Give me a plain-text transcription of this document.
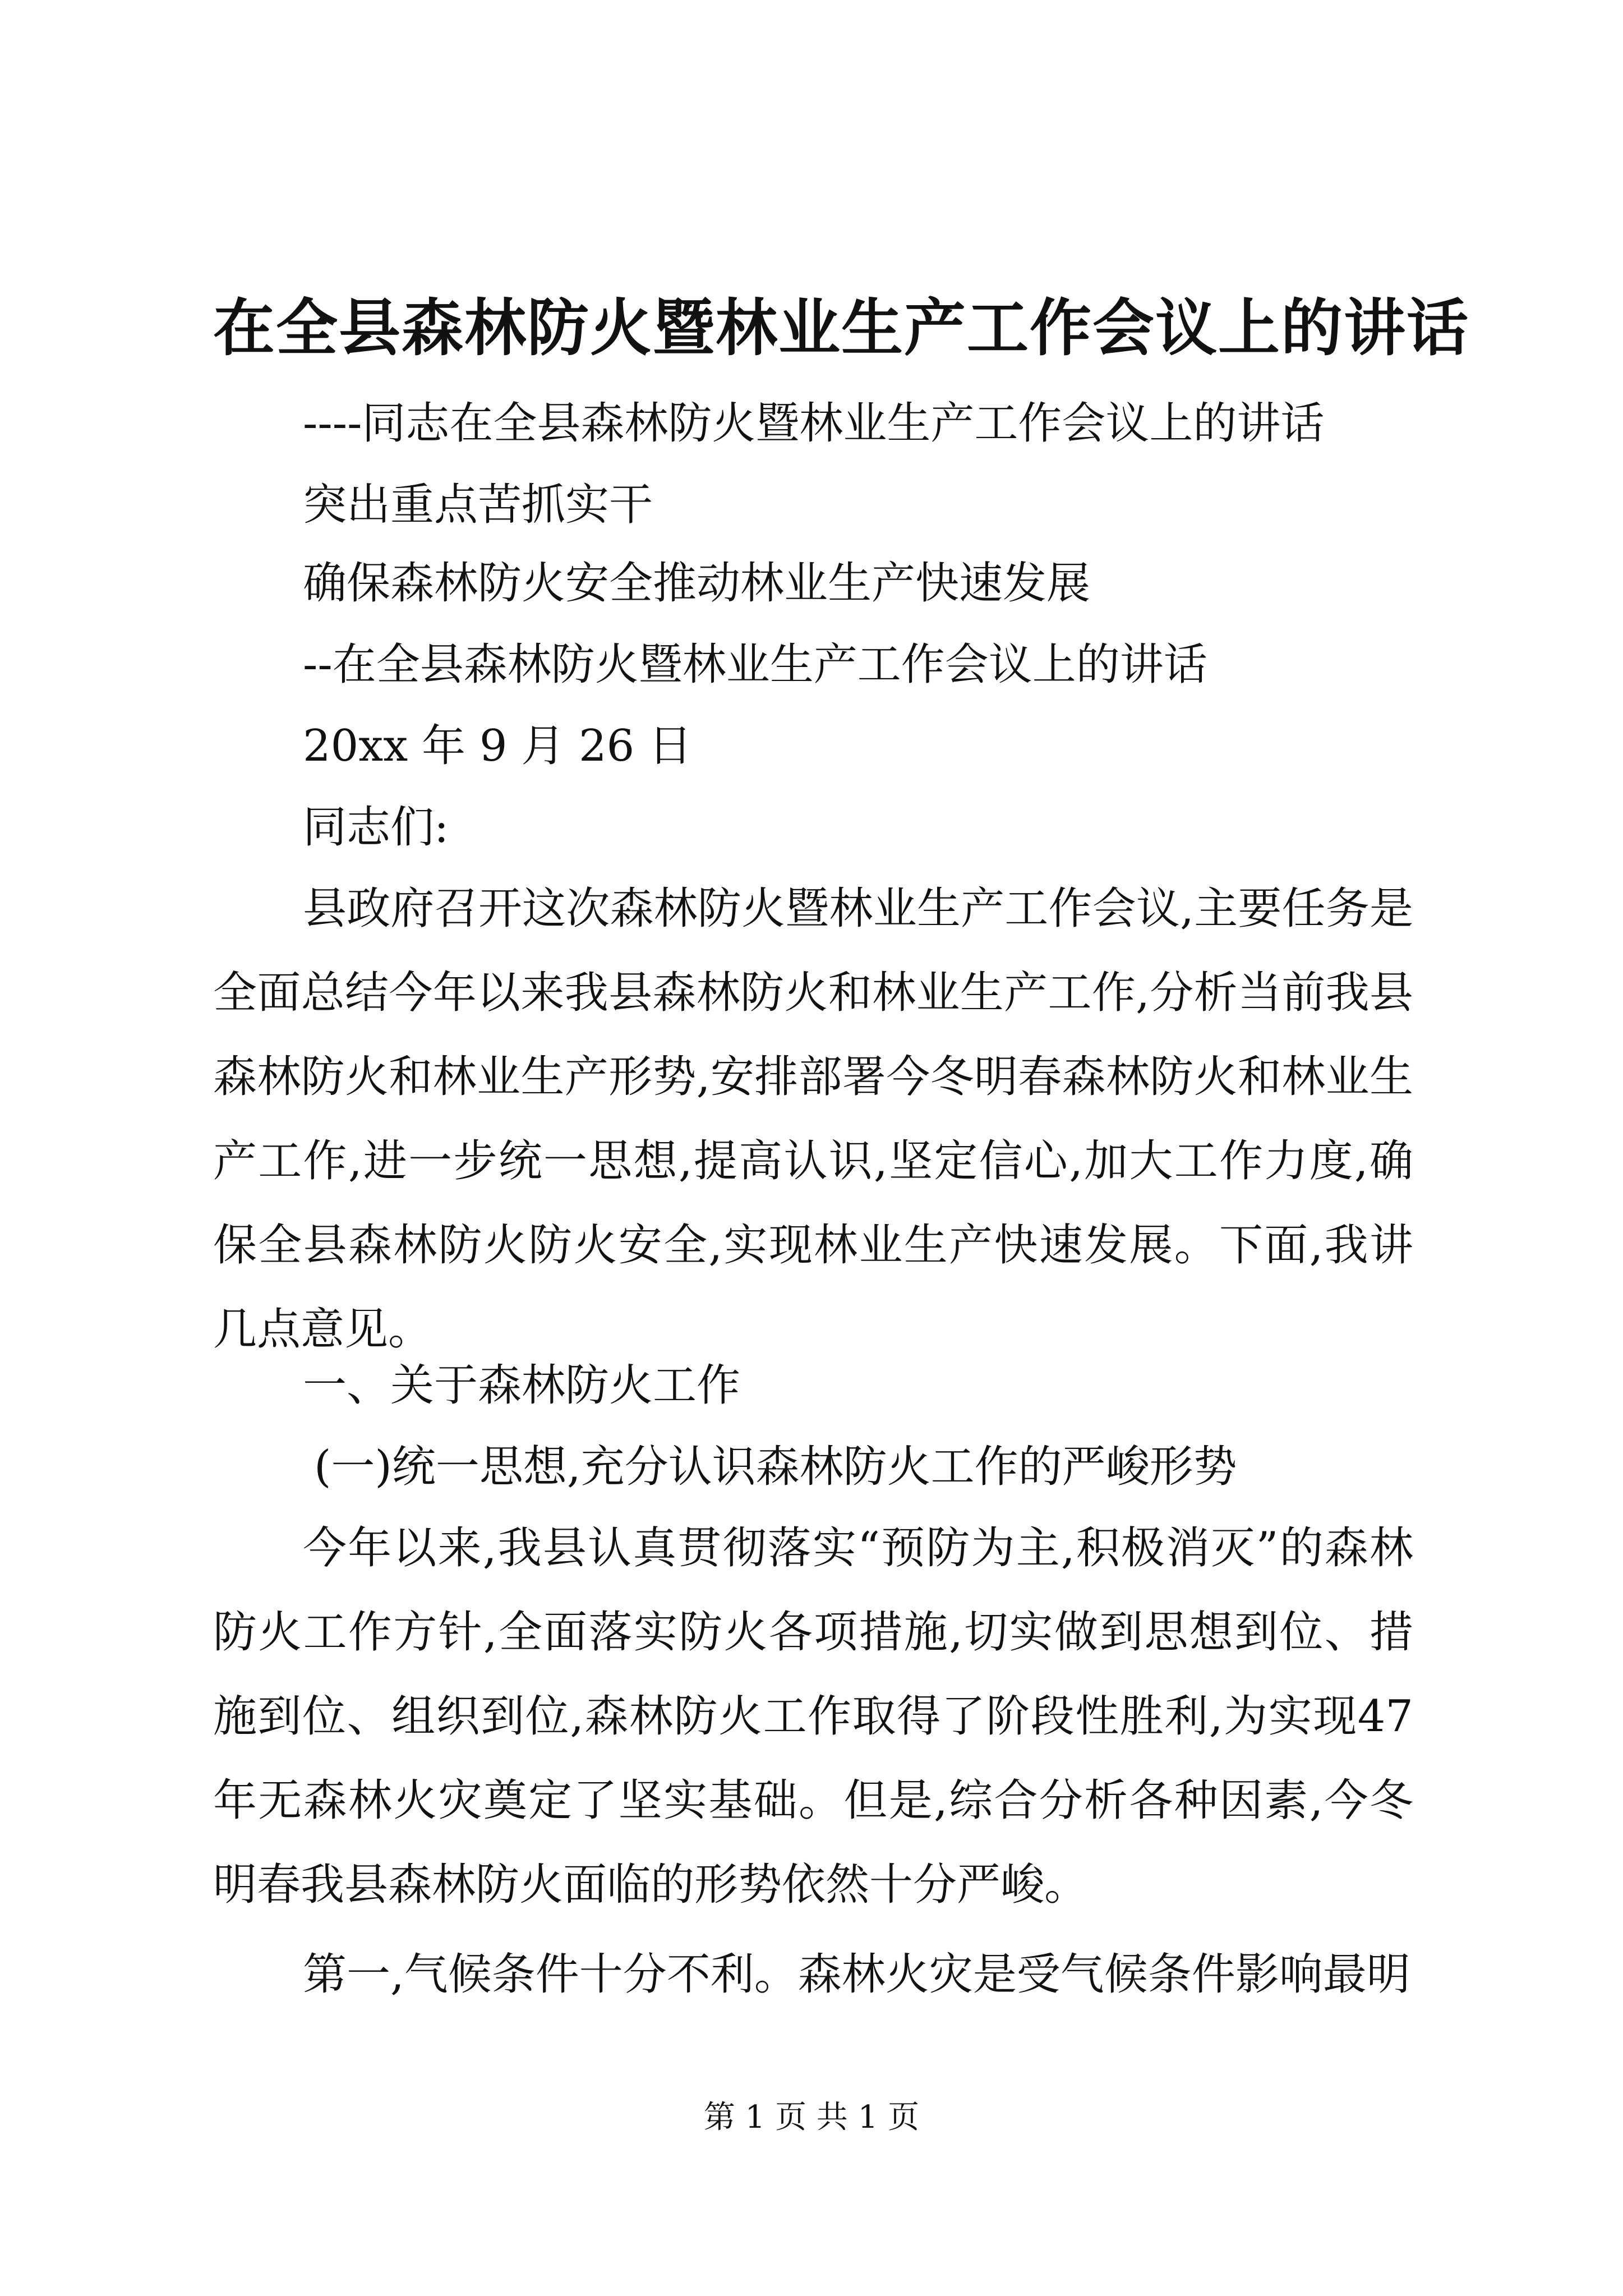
在全县森林防火暨林业生产工作会议上的讲话
----同志在全县森林防火暨林业生产工作会议上的讲话
突出重点苦抓实干
确保森林防火安全推动林业生产快速发展
--在全县森林防火暨林业生产工作会议上的讲话
20xx 年 9 月 26 日
同志们:
县政府召开这次森林防火暨林业生产工作会议,主要任务是全面总结今年以来我县森林防火和林业生产工作,分析当前我县森林防火和林业生产形势,安排部署今冬明春森林防火和林业生产工作,进一步统一思想,提高认识,坚定信心,加大工作力度,确保全县森林防火防火安全,实现林业生产快速发展。下面,我讲几点意见。
一、关于森林防火工作
(一)统一思想,充分认识森林防火工作的严峻形势
今年以来,我县认真贯彻落实“预防为主,积极消灭”的森林防火工作方针,全面落实防火各项措施,切实做到思想到位、措施到位、组织到位,森林防火工作取得了阶段性胜利,为实现47 年无森林火灾奠定了坚实基础。但是,综合分析各种因素,今冬明春我县森林防火面临的形势依然十分严峻。
第一,气候条件十分不利。森林火灾是受气候条件影响最明
第 1 页 共 1 页
